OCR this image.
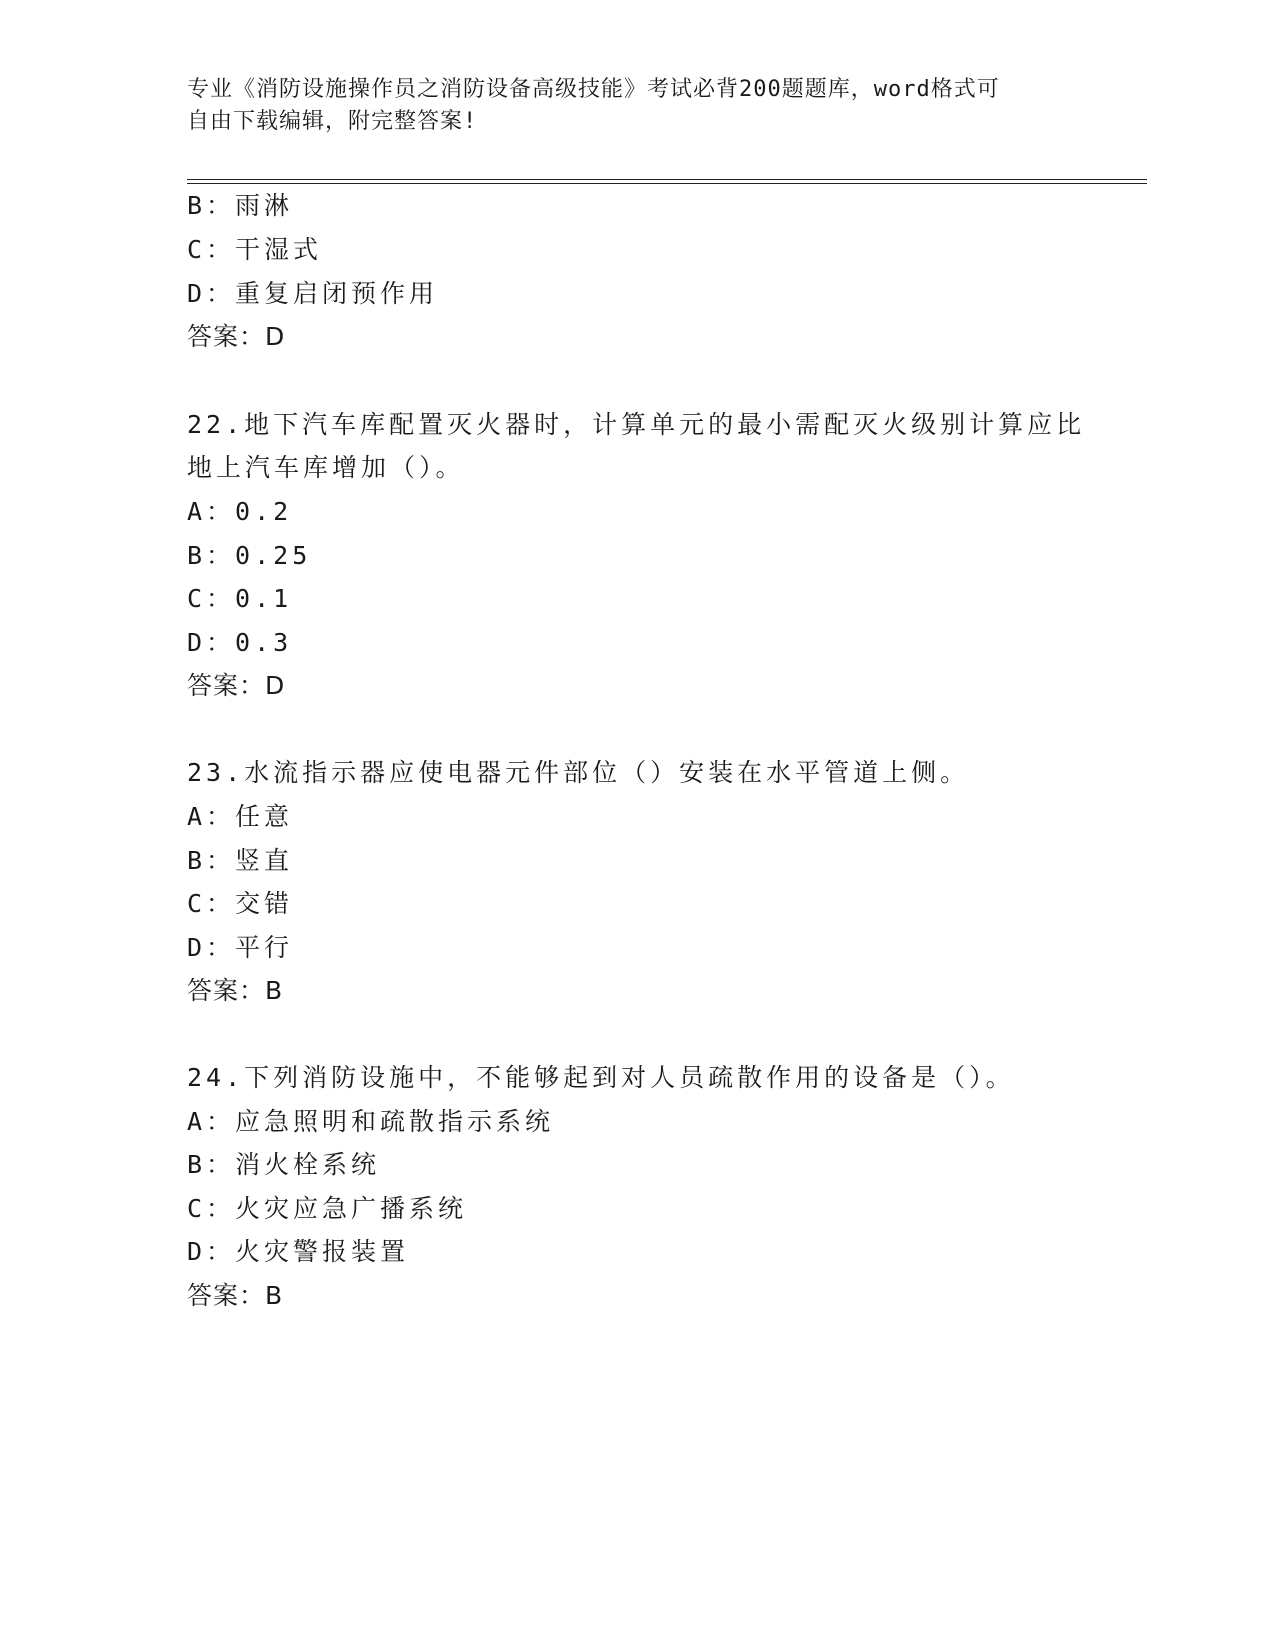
专业《消防设施操作员之消防设备高级技能》考试必背200题题库，word格式可
自由下载编辑，附完整答案!
B：雨淋
C：干湿式
D：重复启闭预作用
答案：D
22.地下汽车库配置灭火器时，计算单元的最小需配灭火级别计算应比
地上汽车库增加（）。
A：0.2
B：0.25
C：0.1
D：0.3
答案：D
23.水流指示器应使电器元件部位（）安装在水平管道上侧。
A：任意
B：竖直
C：交错
D：平行
答案：B
24.下列消防设施中，不能够起到对人员疏散作用的设备是（）。
A：应急照明和疏散指示系统
B：消火栓系统
C：火灾应急广播系统
D：火灾警报装置
答案：B
